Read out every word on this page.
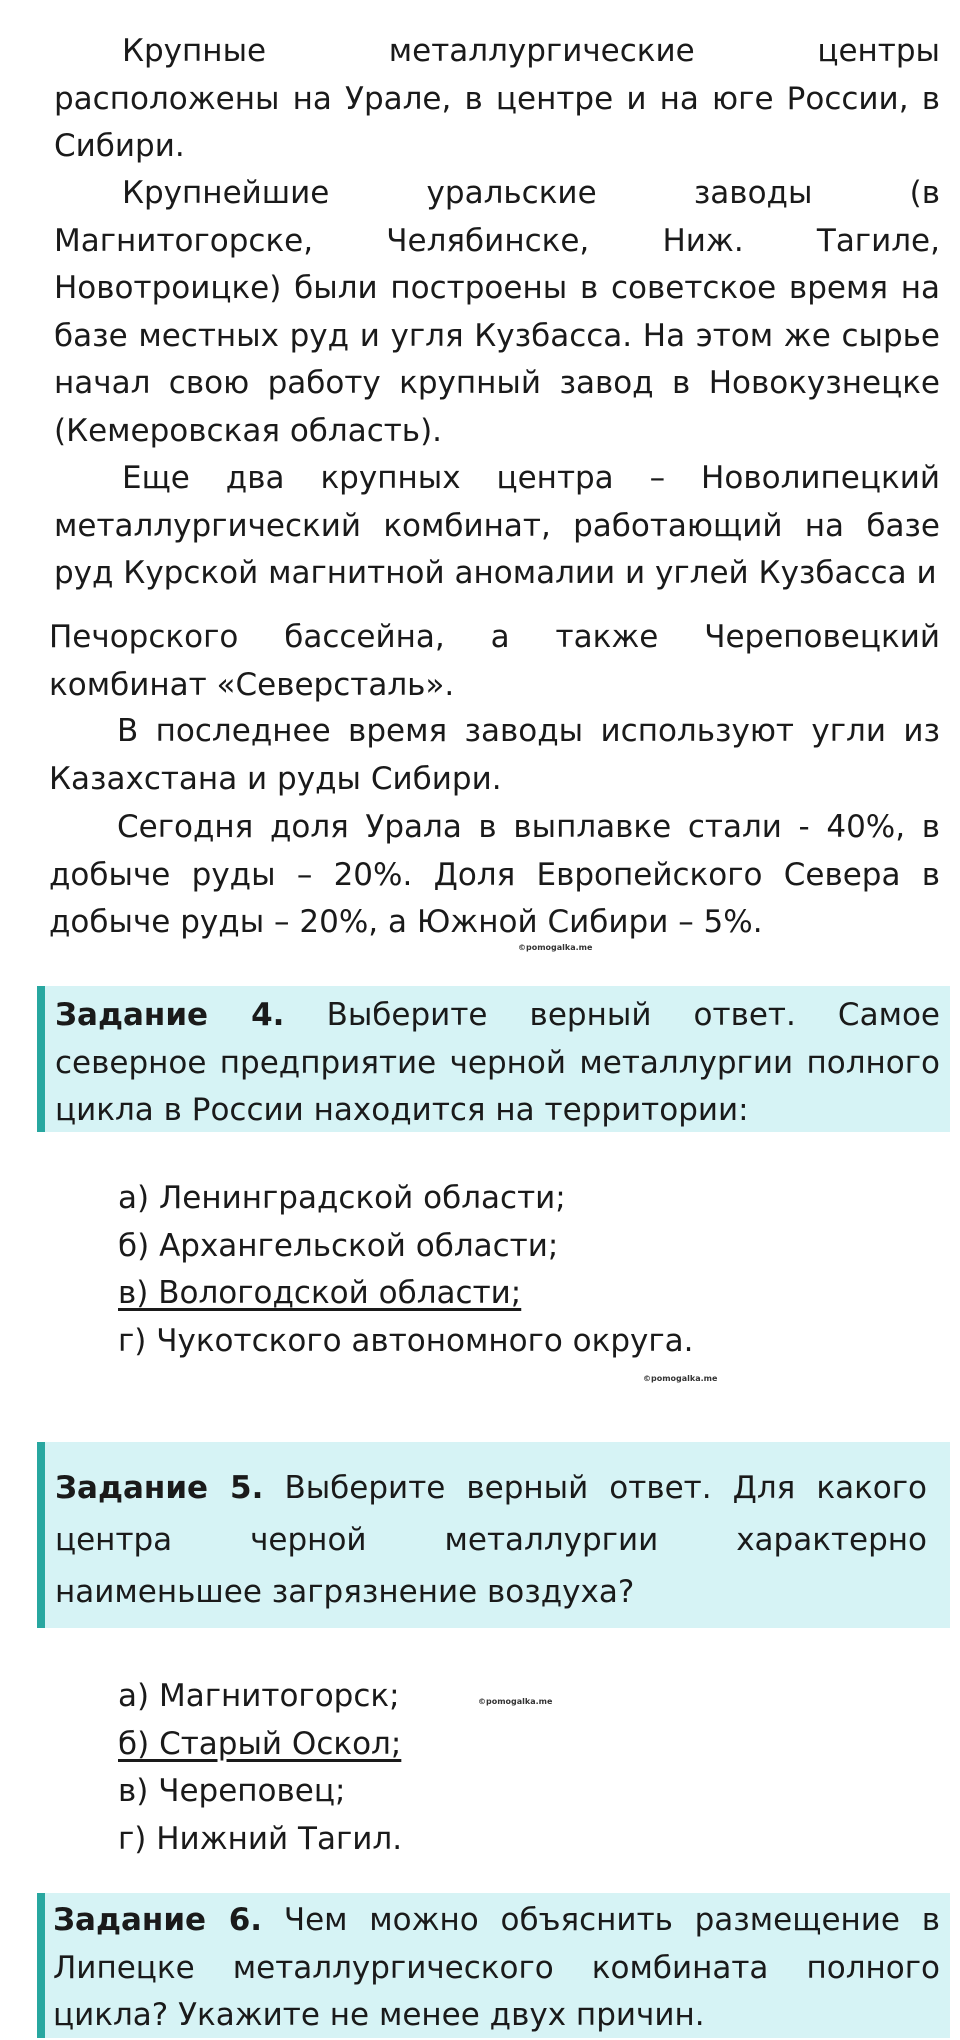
Крупные металлургические центры расположены на Урале, в центре и на юге России, в Сибири.

Крупнейшие уральские заводы (в Магнитогорске, Челябинске, Ниж. Тагиле, Новотроицке) были построены в советское время на базе местных руд и угля Кузбасса. На этом же сырье начал свою работу крупный завод в Новокузнецке (Кемеровская область).

Еще два крупных центра – Новолипецкий металлургический комбинат, работающий на базе руд Курской магнитной аномалии и углей Кузбасса и

Печорского бассейна, а также Череповецкий комбинат «Северсталь».

В последнее время заводы используют угли из Казахстана и руды Сибири.

Сегодня доля Урала в выплавке стали - 40%, в добыче руды – 20%. Доля Европейского Севера в добыче руды – 20%, а Южной Сибири – 5%.

©pomogalka.me

Задание 4. Выберите верный ответ. Самое северное предприятие черной металлургии полного цикла в России находится на территории:

а) Ленинградской области;
б) Архангельской области;
в) Вологодской области;
г) Чукотского автономного округа.
©pomogalka.me

Задание 5. Выберите верный ответ. Для какого центра черной металлургии характерно наименьшее загрязнение воздуха?

а) Магнитогорск;
б) Старый Оскол;
в) Череповец;
г) Нижний Тагил.
©pomogalka.me

Задание 6. Чем можно объяснить размещение в Липецке металлургического комбината полного цикла? Укажите не менее двух причин.
